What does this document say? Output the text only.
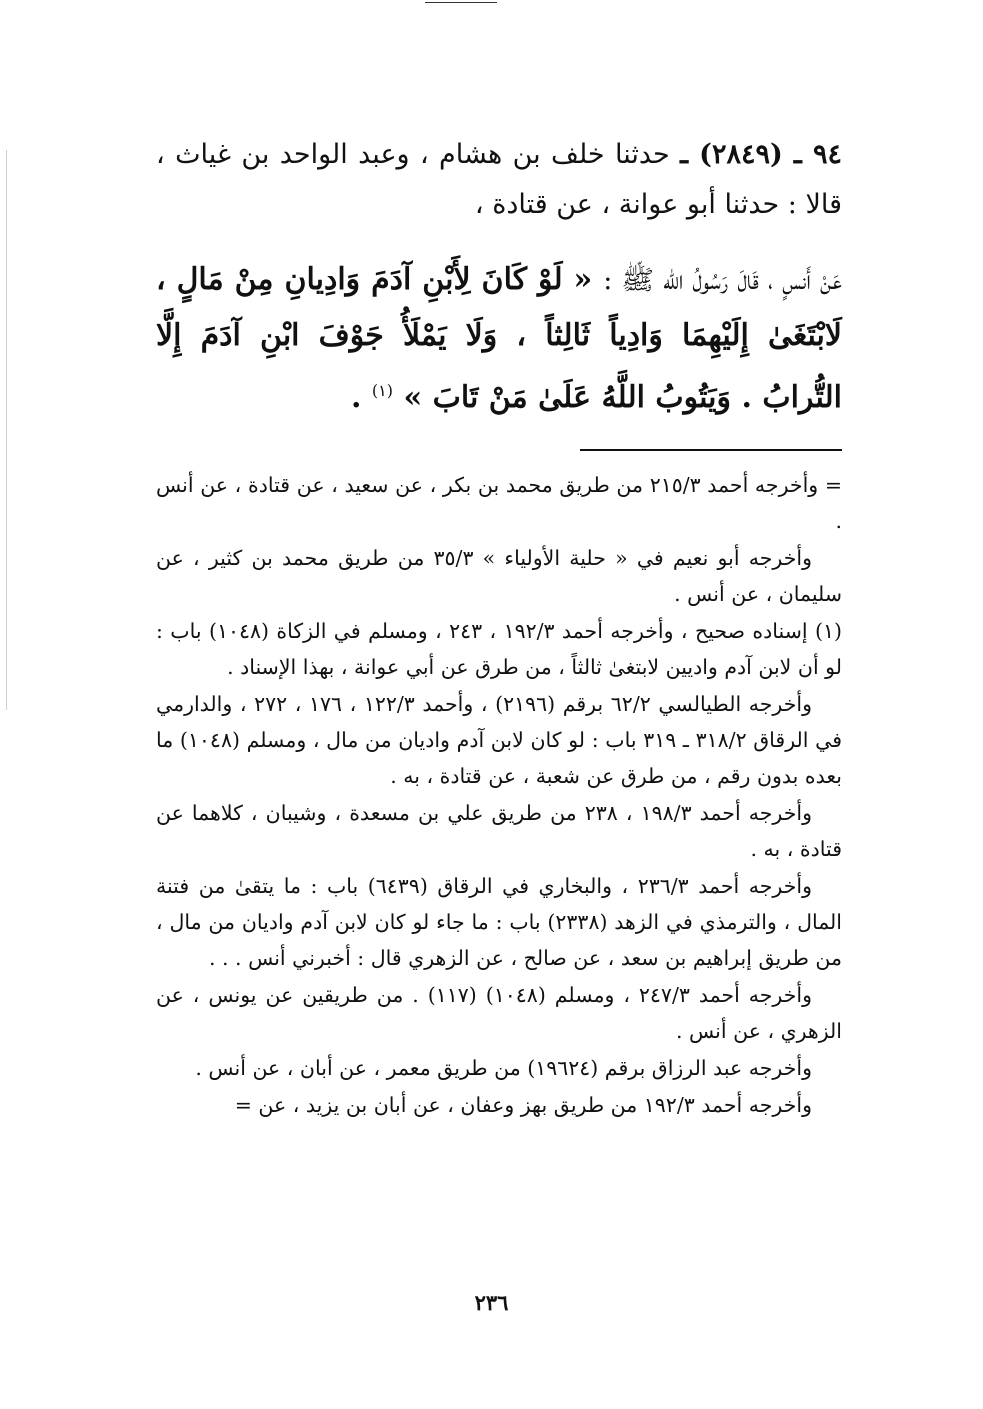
٩٤ ـ (٢٨٤٩) ـ حدثنا خلف بن هشام ، وعبد الواحد بن غياث ، قالا : حدثنا أبو عوانة ، عن قتادة ،

عَنْ أَنسٍ ، قَالَ رَسُولُ الله ﷺ : « لَوْ كَانَ لِأَبْنِ آدَمَ وَادِيانِ مِنْ مَالٍ ، لَابْتَغَىٰ إِلَيْهِمَا وَادِياً ثَالِثاً ، وَلَا يَمْلَأُ جَوْفَ ابْنِ آدَمَ إِلَّا التُّرابُ . وَيَتُوبُ اللَّهُ عَلَىٰ مَنْ تَابَ » $^{(١)}$ .

= وأخرجه أحمد ٢١٥/٣ من طريق محمد بن بكر ، عن سعيد ، عن قتادة ، عن أنس .

وأخرجه أبو نعيم في « حلية الأولياء » ٣٥/٣ من طريق محمد بن كثير ، عن سليمان ، عن أنس .

(١) إسناده صحيح ، وأخرجه أحمد ١٩٢/٣ ، ٢٤٣ ، ومسلم في الزكاة (١٠٤٨) باب : لو أن لابن آدم واديين لابتغىٰ ثالثاً ، من طرق عن أبي عوانة ، بهذا الإسناد .

وأخرجه الطيالسي ٦٢/٢ برقم (٢١٩٦) ، وأحمد ١٢٢/٣ ، ١٧٦ ، ٢٧٢ ، والدارمي في الرقاق ٣١٨/٢ ـ ٣١٩ باب : لو كان لابن آدم واديان من مال ، ومسلم (١٠٤٨) ما بعده بدون رقم ، من طرق عن شعبة ، عن قتادة ، به .

وأخرجه أحمد ١٩٨/٣ ، ٢٣٨ من طريق علي بن مسعدة ، وشيبان ، كلاهما عن قتادة ، به .

وأخرجه أحمد ٢٣٦/٣ ، والبخاري في الرقاق (٦٤٣٩) باب : ما يتقىٰ من فتنة المال ، والترمذي في الزهد (٢٣٣٨) باب : ما جاء لو كان لابن آدم واديان من مال ، من طريق إبراهيم بن سعد ، عن صالح ، عن الزهري قال : أخبرني أنس . . .

وأخرجه أحمد ٢٤٧/٣ ، ومسلم (١٠٤٨) (١١٧) . من طريقين عن يونس ، عن الزهري ، عن أنس .

وأخرجه عبد الرزاق برقم (١٩٦٢٤) من طريق معمر ، عن أبان ، عن أنس .

وأخرجه أحمد ١٩٢/٣ من طريق بهز وعفان ، عن أبان بن يزيد ، عن =

٢٣٦
